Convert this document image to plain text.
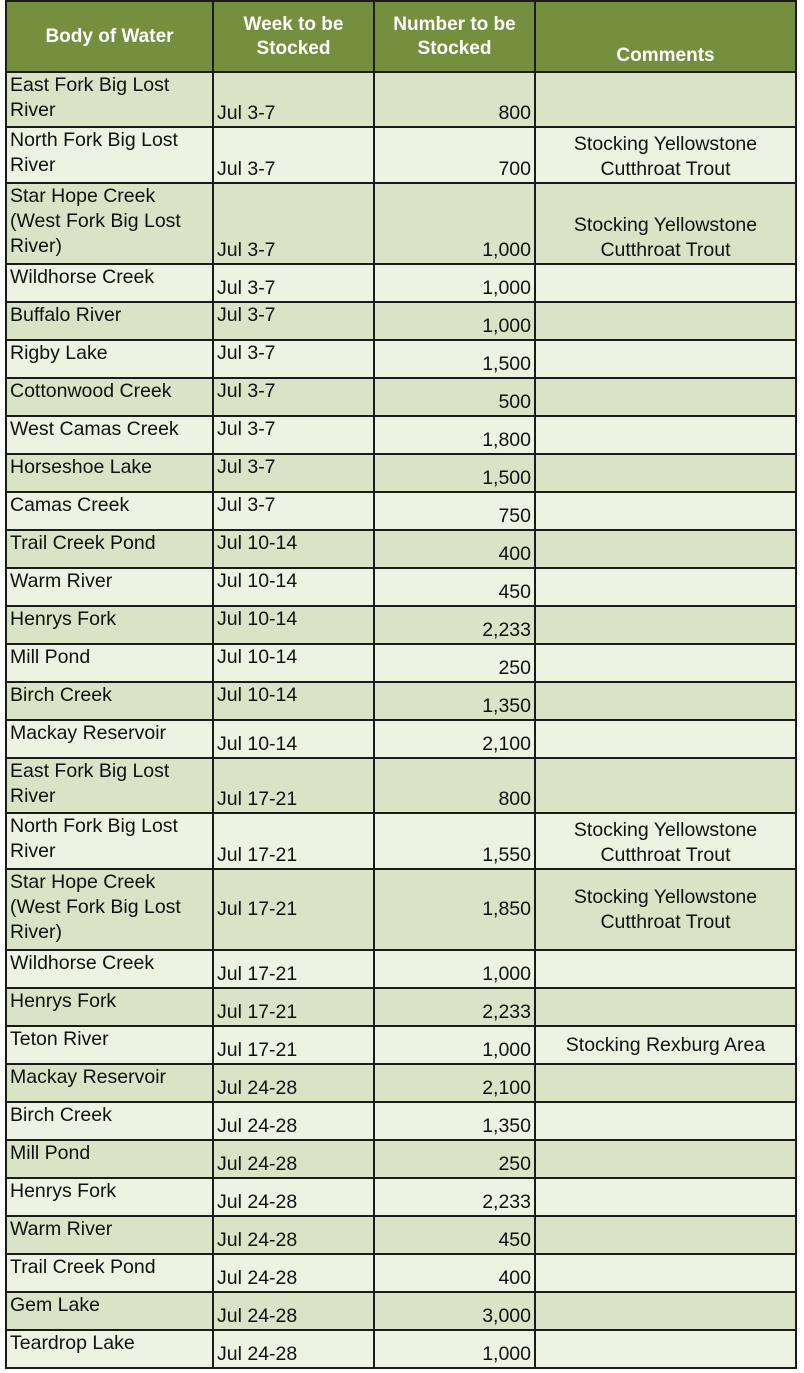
Body of Water	Week to be Stocked	Number to be Stocked	Comments
East Fork Big Lost River	Jul 3-7	800	
North Fork Big Lost River	Jul 3-7	700	Stocking Yellowstone Cutthroat Trout
Star Hope Creek (West Fork Big Lost River)	Jul 3-7	1,000	Stocking Yellowstone Cutthroat Trout
Wildhorse Creek	Jul 3-7	1,000	
Buffalo River	Jul 3-7	1,000	
Rigby Lake	Jul 3-7	1,500	
Cottonwood Creek	Jul 3-7	500	
West Camas Creek	Jul 3-7	1,800	
Horseshoe Lake	Jul 3-7	1,500	
Camas Creek	Jul 3-7	750	
Trail Creek Pond	Jul 10-14	400	
Warm River	Jul 10-14	450	
Henrys Fork	Jul 10-14	2,233	
Mill Pond	Jul 10-14	250	
Birch Creek	Jul 10-14	1,350	
Mackay Reservoir	Jul 10-14	2,100	
East Fork Big Lost River	Jul 17-21	800	
North Fork Big Lost River	Jul 17-21	1,550	Stocking Yellowstone Cutthroat Trout
Star Hope Creek (West Fork Big Lost River)	Jul 17-21	1,850	Stocking Yellowstone Cutthroat Trout
Wildhorse Creek	Jul 17-21	1,000	
Henrys Fork	Jul 17-21	2,233	
Teton River	Jul 17-21	1,000	Stocking Rexburg Area
Mackay Reservoir	Jul 24-28	2,100	
Birch Creek	Jul 24-28	1,350	
Mill Pond	Jul 24-28	250	
Henrys Fork	Jul 24-28	2,233	
Warm River	Jul 24-28	450	
Trail Creek Pond	Jul 24-28	400	
Gem Lake	Jul 24-28	3,000	
Teardrop Lake	Jul 24-28	1,000	
